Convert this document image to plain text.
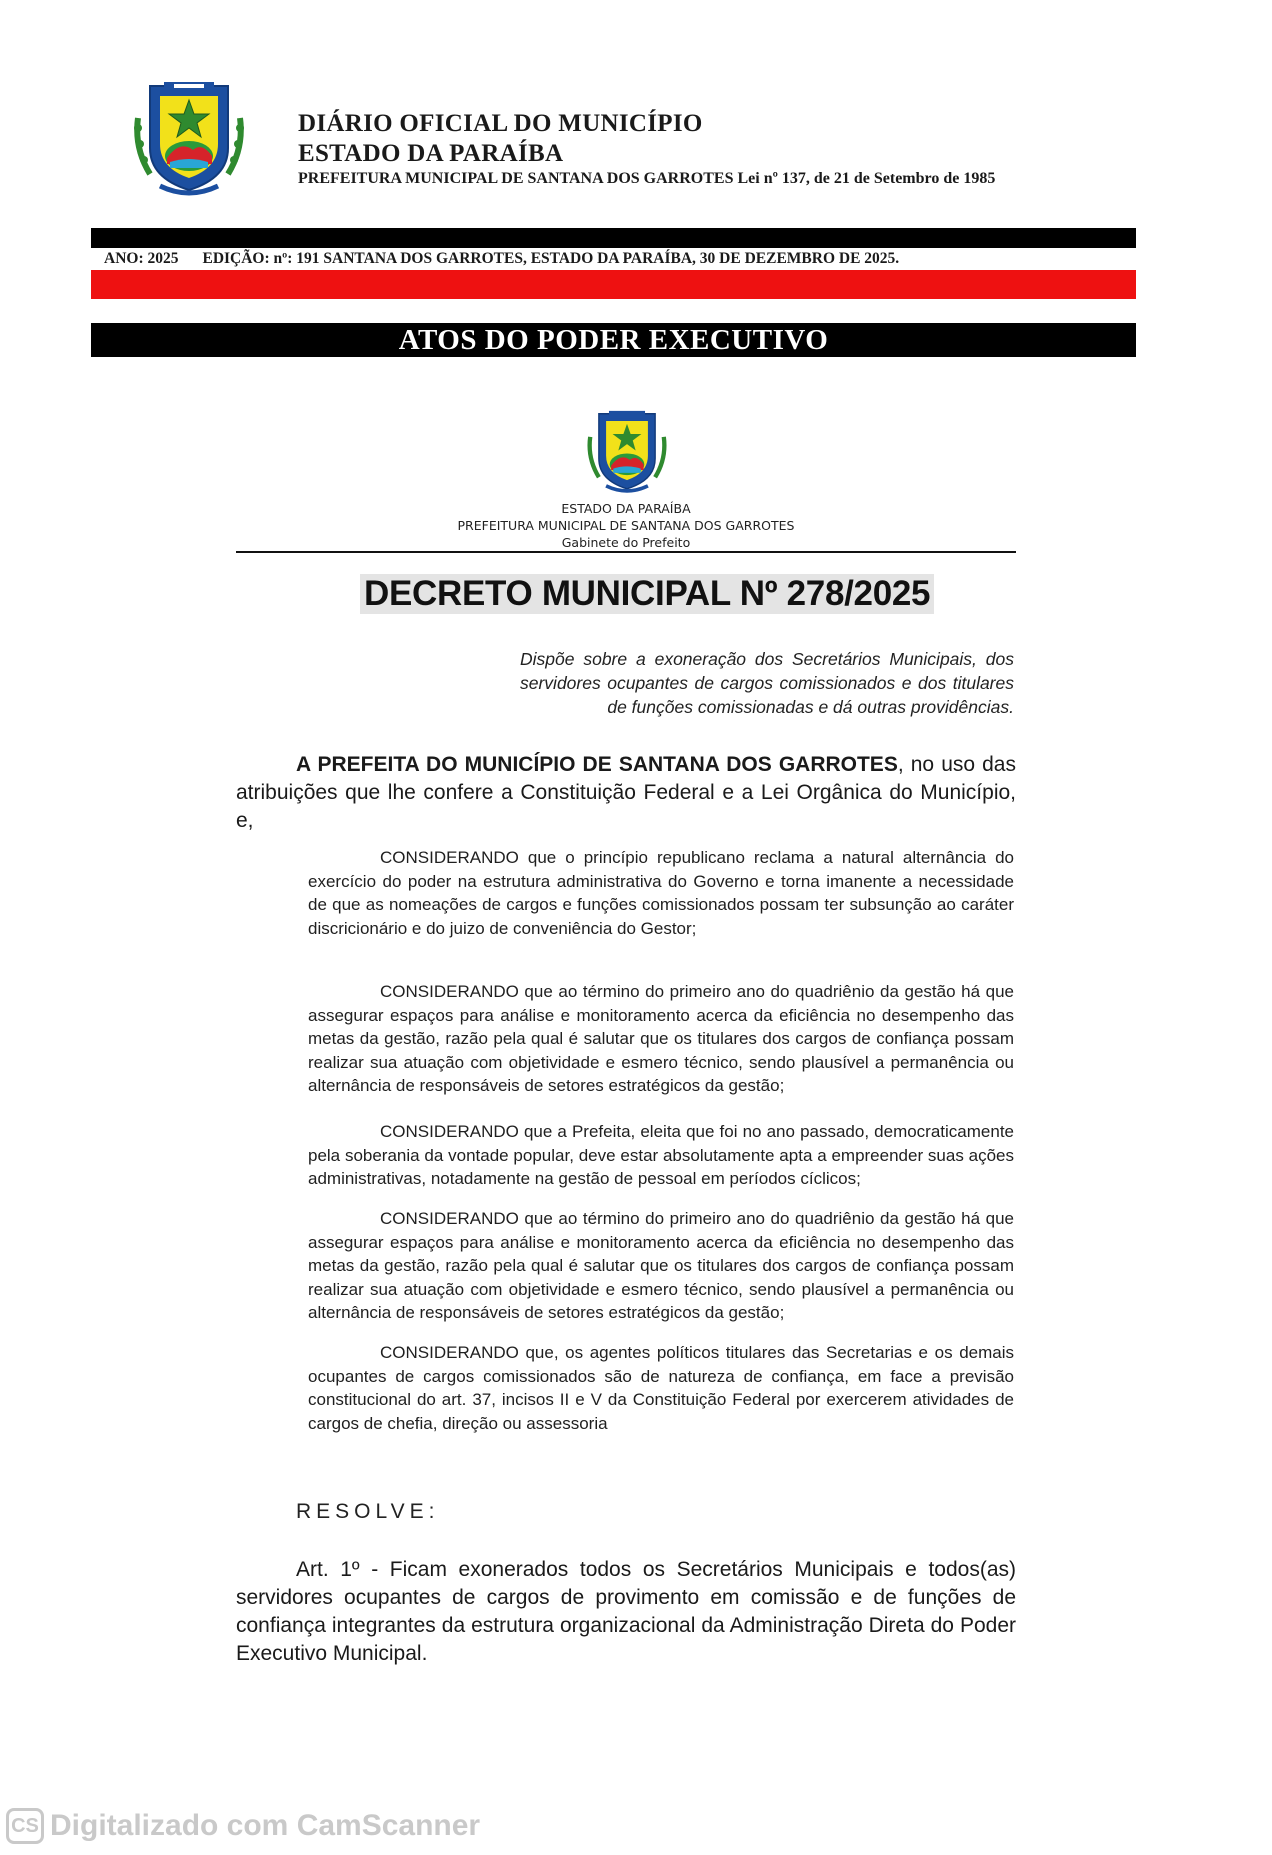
DIÁRIO OFICIAL DO MUNICÍPIO
ESTADO DA PARAÍBA
PREFEITURA MUNICIPAL DE SANTANA DOS GARROTES Lei nº 137, de 21 de Setembro de 1985
ANO: 2025 EDIÇÃO: nº: 191 SANTANA DOS GARROTES, ESTADO DA PARAÍBA, 30 DE DEZEMBRO DE 2025.
ATOS DO PODER EXECUTIVO
ESTADO DA PARAÍBA
PREFEITURA MUNICIPAL DE SANTANA DOS GARROTES
Gabinete do Prefeito
DECRETO MUNICIPAL Nº 278/2025
Dispõe sobre a exoneração dos Secretários Municipais, dos servidores ocupantes de cargos comissionados e dos titulares de funções comissionadas e dá outras providências.
A PREFEITA DO MUNICÍPIO DE SANTANA DOS GARROTES, no uso das atribuições que lhe confere a Constituição Federal e a Lei Orgânica do Município, e,
CONSIDERANDO que o princípio republicano reclama a natural alternância do exercício do poder na estrutura administrativa do Governo e torna imanente a necessidade de que as nomeações de cargos e funções comissionados possam ter subsunção ao caráter discricionário e do juizo de conveniência do Gestor;
CONSIDERANDO que ao término do primeiro ano do quadriênio da gestão há que assegurar espaços para análise e monitoramento acerca da eficiência no desempenho das metas da gestão, razão pela qual é salutar que os titulares dos cargos de confiança possam realizar sua atuação com objetividade e esmero técnico, sendo plausível a permanência ou alternância de responsáveis de setores estratégicos da gestão;
CONSIDERANDO que a Prefeita, eleita que foi no ano passado, democraticamente pela soberania da vontade popular, deve estar absolutamente apta a empreender suas ações administrativas, notadamente na gestão de pessoal em períodos cíclicos;
CONSIDERANDO que ao término do primeiro ano do quadriênio da gestão há que assegurar espaços para análise e monitoramento acerca da eficiência no desempenho das metas da gestão, razão pela qual é salutar que os titulares dos cargos de confiança possam realizar sua atuação com objetividade e esmero técnico, sendo plausível a permanência ou alternância de responsáveis de setores estratégicos da gestão;
CONSIDERANDO que, os agentes políticos titulares das Secretarias e os demais ocupantes de cargos comissionados são de natureza de confiança, em face a previsão constitucional do art. 37, incisos II e V da Constituição Federal por exercerem atividades de cargos de chefia, direção ou assessoria
RESOLVE:
Art. 1º - Ficam exonerados todos os Secretários Municipais e todos(as) servidores ocupantes de cargos de provimento em comissão e de funções de confiança integrantes da estrutura organizacional da Administração Direta do Poder Executivo Municipal.
CS Digitalizado com CamScanner
